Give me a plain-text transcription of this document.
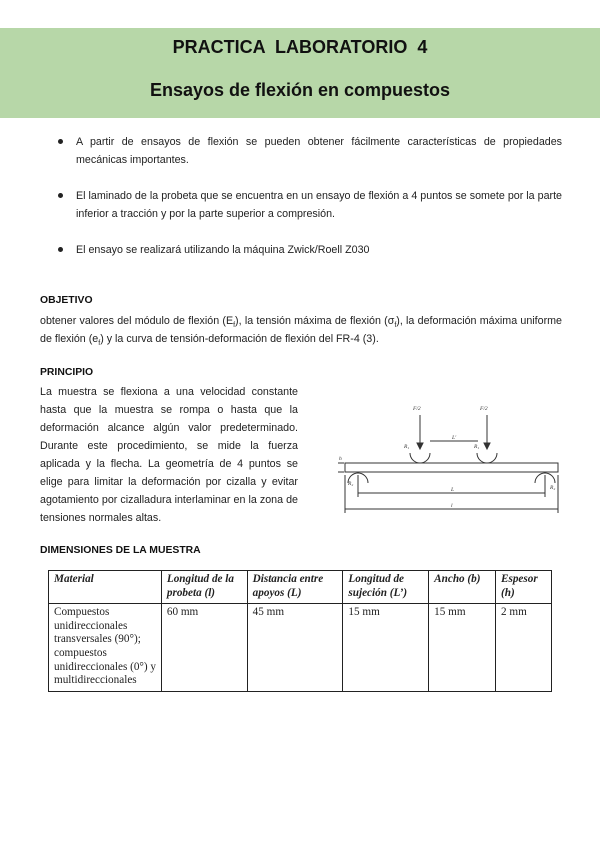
PRACTICA  LABORATORIO  4
Ensayos de flexión en compuestos
A partir de ensayos de flexión se pueden obtener fácilmente características de propiedades mecánicas importantes.
El laminado de la probeta que se encuentra en un ensayo de flexión a 4 puntos se somete por la parte inferior a tracción y por la parte superior a compresión.
El ensayo se realizará utilizando la máquina Zwick/Roell Z030
OBJETIVO
obtener valores del módulo de flexión $(E_f)$, la tensión máxima de flexión $(\sigma_f)$, la deformación máxima uniforme de flexión $(e_f)$ y la curva de tensión-deformación de flexión del FR-4 (3).
PRINCIPIO
La muestra se flexiona a una velocidad constante hasta que la muestra se rompa o hasta que la deformación alcance algún valor predeterminado. Durante este procedimiento, se mide la fuerza aplicada y la flecha. La geometría de 4 puntos se elige para limitar la deformación por cizalla y evitar agotamiento por cizalladura interlaminar en la zona de tensiones normales altas.
F/2	F/2
R₁	R₁
R₂
R₂
h
L'
L
l
DIMENSIONES DE LA MUESTRA
Material	Longitud de la probeta (l)	Distancia entre apoyos (L)	Longitud de sujeción (L’)	Ancho (b)	Espesor (h)
Compuestos unidireccionales transversales (90°); compuestos unidireccionales (0°) y multidireccionales	60 mm	45 mm	15 mm	15 mm	2 mm
